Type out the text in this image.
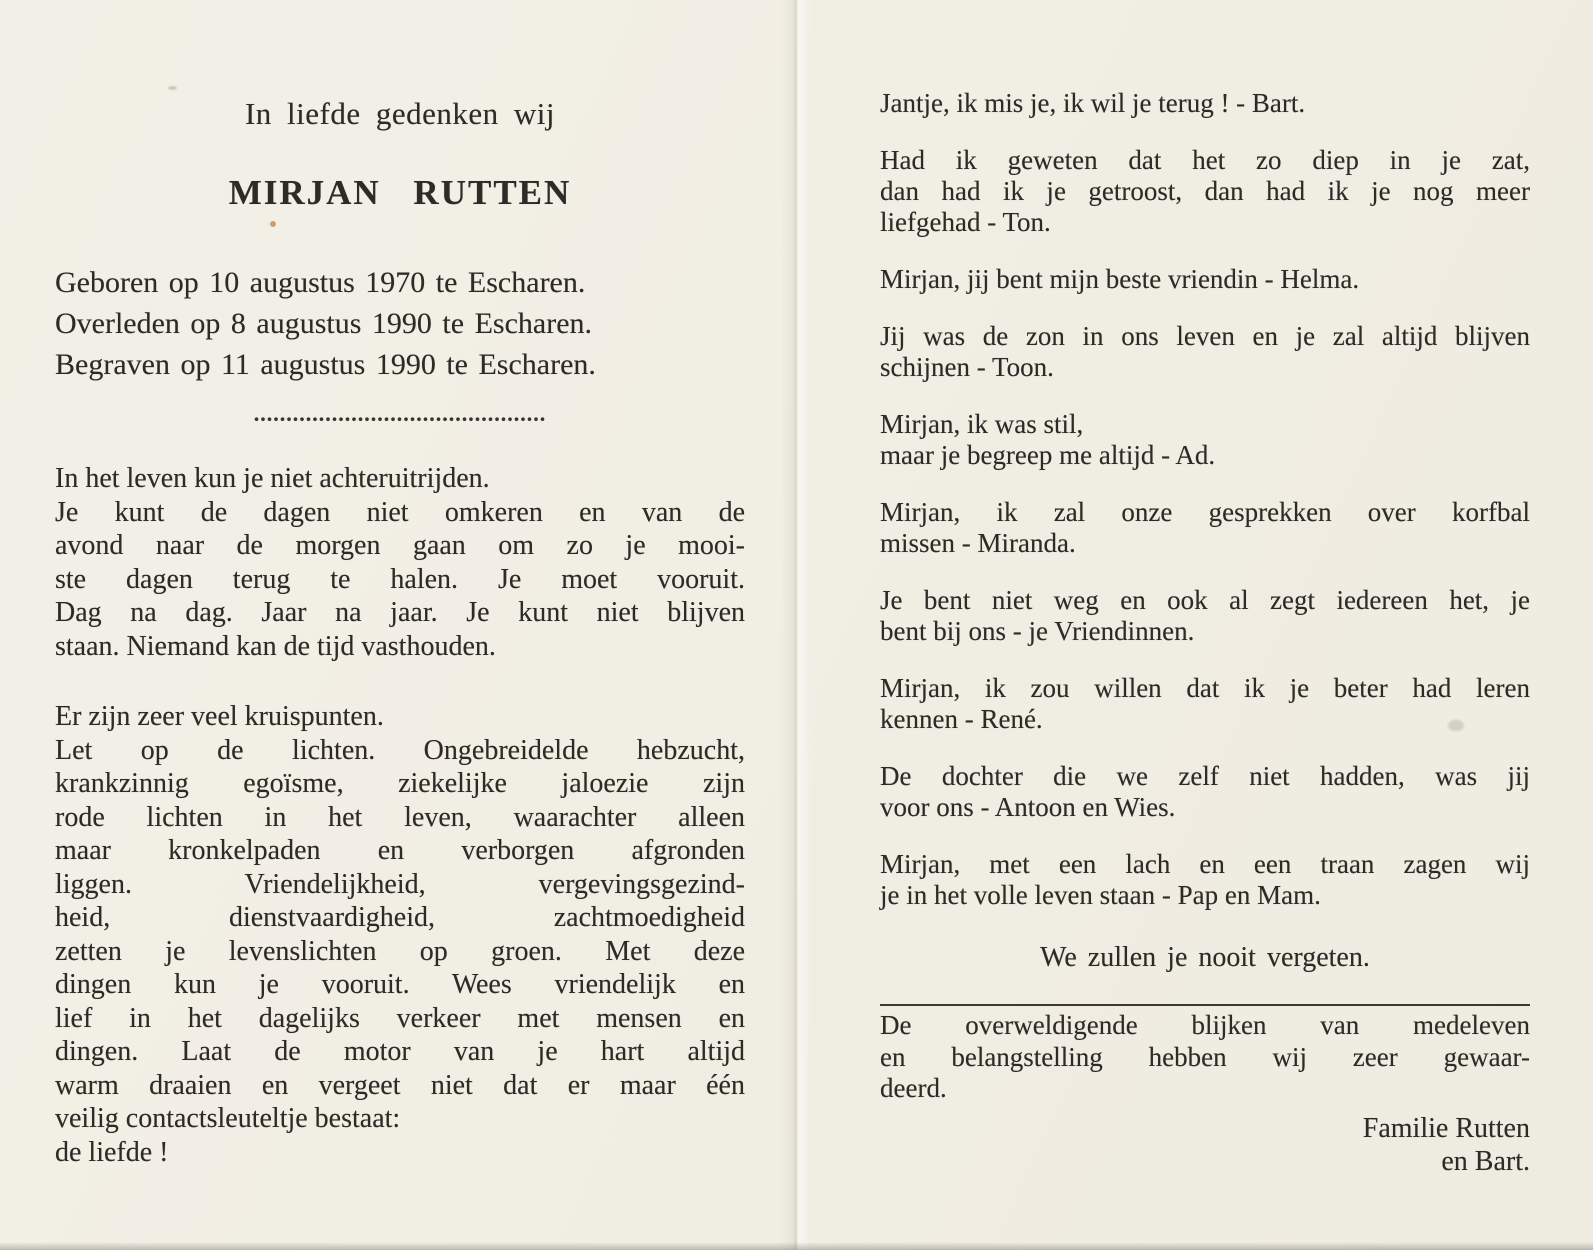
In liefde gedenken wij
MIRJAN RUTTEN
Geboren op 10 augustus 1970 te Escharen.
Overleden op 8 augustus 1990 te Escharen.
Begraven op 11 augustus 1990 te Escharen.
.............................................
In het leven kun je niet achteruitrijden.
Je kunt de dagen niet omkeren en van de
avond naar de morgen gaan om zo je mooi-
ste dagen terug te halen. Je moet vooruit.
Dag na dag. Jaar na jaar. Je kunt niet blijven
staan. Niemand kan de tijd vasthouden.
Er zijn zeer veel kruispunten.
Let op de lichten. Ongebreidelde hebzucht,
krankzinnig egoïsme, ziekelijke jaloezie zijn
rode lichten in het leven, waarachter alleen
maar kronkelpaden en verborgen afgronden
liggen. Vriendelijkheid, vergevingsgezind-
heid, dienstvaardigheid, zachtmoedigheid
zetten je levenslichten op groen. Met deze
dingen kun je vooruit. Wees vriendelijk en
lief in het dagelijks verkeer met mensen en
dingen. Laat de motor van je hart altijd
warm draaien en vergeet niet dat er maar één
veilig contactsleuteltje bestaat:
de liefde !
Jantje, ik mis je, ik wil je terug ! - Bart.
Had ik geweten dat het zo diep in je zat,
dan had ik je getroost, dan had ik je nog meer
liefgehad - Ton.
Mirjan, jij bent mijn beste vriendin - Helma.
Jij was de zon in ons leven en je zal altijd blijven
schijnen - Toon.
Mirjan, ik was stil,
maar je begreep me altijd - Ad.
Mirjan, ik zal onze gesprekken over korfbal
missen - Miranda.
Je bent niet weg en ook al zegt iedereen het, je
bent bij ons - je Vriendinnen.
Mirjan, ik zou willen dat ik je beter had leren
kennen - René.
De dochter die we zelf niet hadden, was jij
voor ons - Antoon en Wies.
Mirjan, met een lach en een traan zagen wij
je in het volle leven staan - Pap en Mam.
We zullen je nooit vergeten.
De overweldigende blijken van medeleven
en belangstelling hebben wij zeer gewaar-
deerd.
Familie Rutten
en Bart.
